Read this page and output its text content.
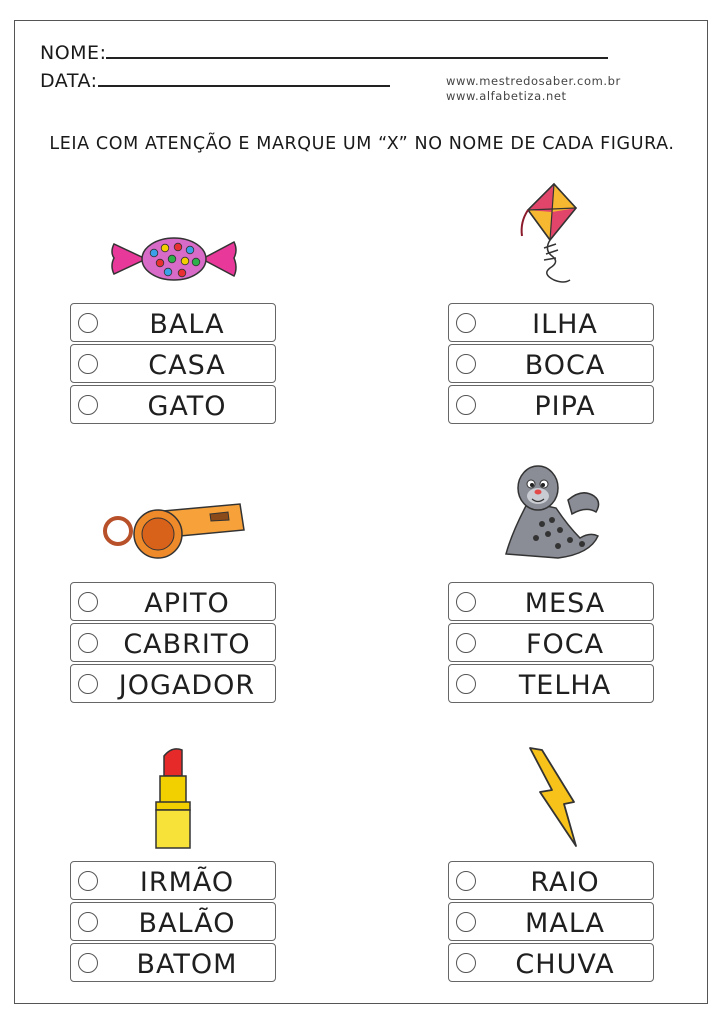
NOME:
DATA:	www.mestredosaber.com.br
www.alfabetiza.net
LEIA COM ATENÇÃO E MARQUE UM “X” NO NOME DE CADA FIGURA.
BALA
CASA
GATO
ILHA
BOCA
PIPA
APITO
CABRITO
JOGADOR
MESA
FOCA
TELHA
IRMÃO
BALÃO
BATOM
RAIO
MALA
CHUVA
